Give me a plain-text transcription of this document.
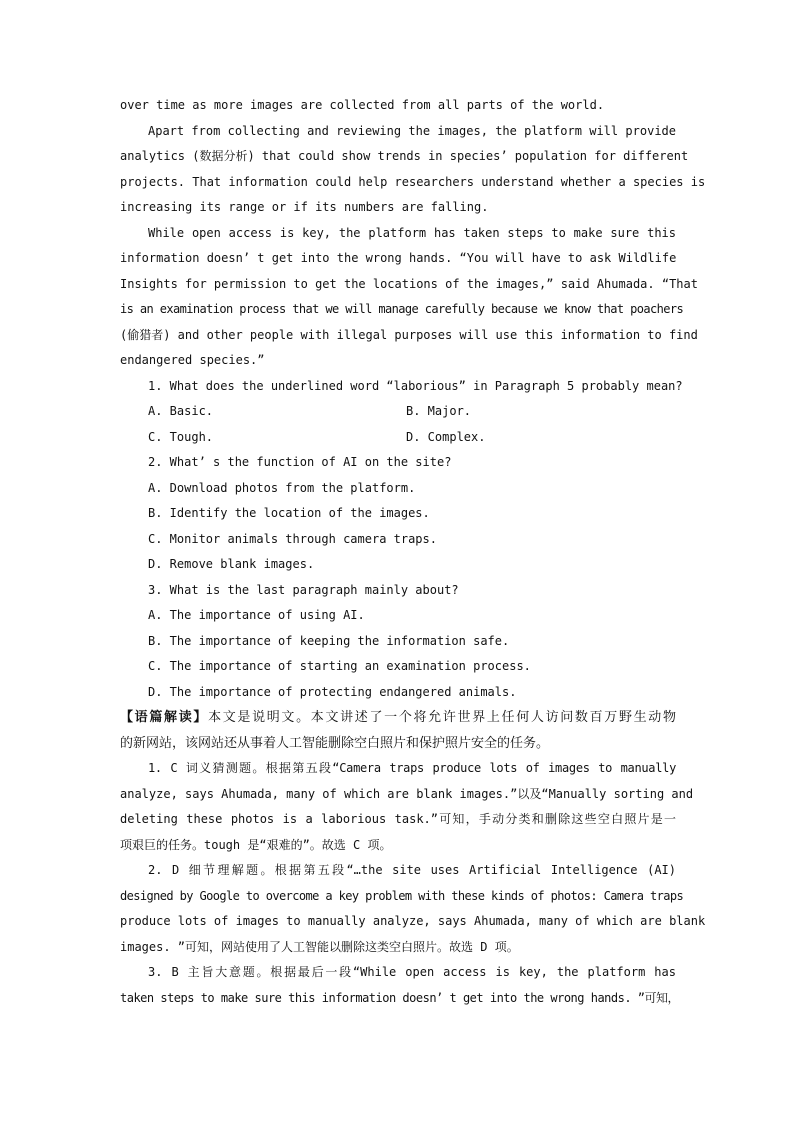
over time as more images are collected from all parts of the world.
Apart from collecting and reviewing the images, the platform will provide
analytics (数据分析) that could show trends in species’ population for different
projects. That information could help researchers understand whether a species is
increasing its range or if its numbers are falling.
While open access is key, the platform has taken steps to make sure this
information doesn’ t get into the wrong hands. “You will have to ask Wildlife
Insights for permission to get the locations of the images,” said Ahumada. “That
is an examination process that we will manage carefully because we know that poachers
(偷猎者) and other people with illegal purposes will use this information to find
endangered species.”
1. What does the underlined word “laborious” in Paragraph 5 probably mean?
A. Basic.	B. Major.
C. Tough.	D. Complex.
2. What’ s the function of AI on the site?
A. Download photos from the platform.
B. Identify the location of the images.
C. Monitor animals through camera traps.
D. Remove blank images.
3. What is the last paragraph mainly about?
A. The importance of using AI.
B. The importance of keeping the information safe.
C. The importance of starting an examination process.
D. The importance of protecting endangered animals.
【语篇解读】本文是说明文。本文讲述了一个将允许世界上任何人访问数百万野生动物
的新网站，该网站还从事着人工智能删除空白照片和保护照片安全的任务。
1. C 词义猜测题。根据第五段“Camera traps produce lots of images to manually
analyze, says Ahumada, many of which are blank images.”以及“Manually sorting and
deleting these photos is a laborious task.”可知，手动分类和删除这些空白照片是一
项艰巨的任务。tough 是“艰难的”。故选 C 项。
2. D 细节理解题。根据第五段“…the site uses Artificial Intelligence (AI)
designed by Google to overcome a key problem with these kinds of photos: Camera traps
produce lots of images to manually analyze, says Ahumada, many of which are blank
images. ”可知，网站使用了人工智能以删除这类空白照片。故选 D 项。
3. B 主旨大意题。根据最后一段“While open access is key, the platform has
taken steps to make sure this information doesn’ t get into the wrong hands. ”可知，
